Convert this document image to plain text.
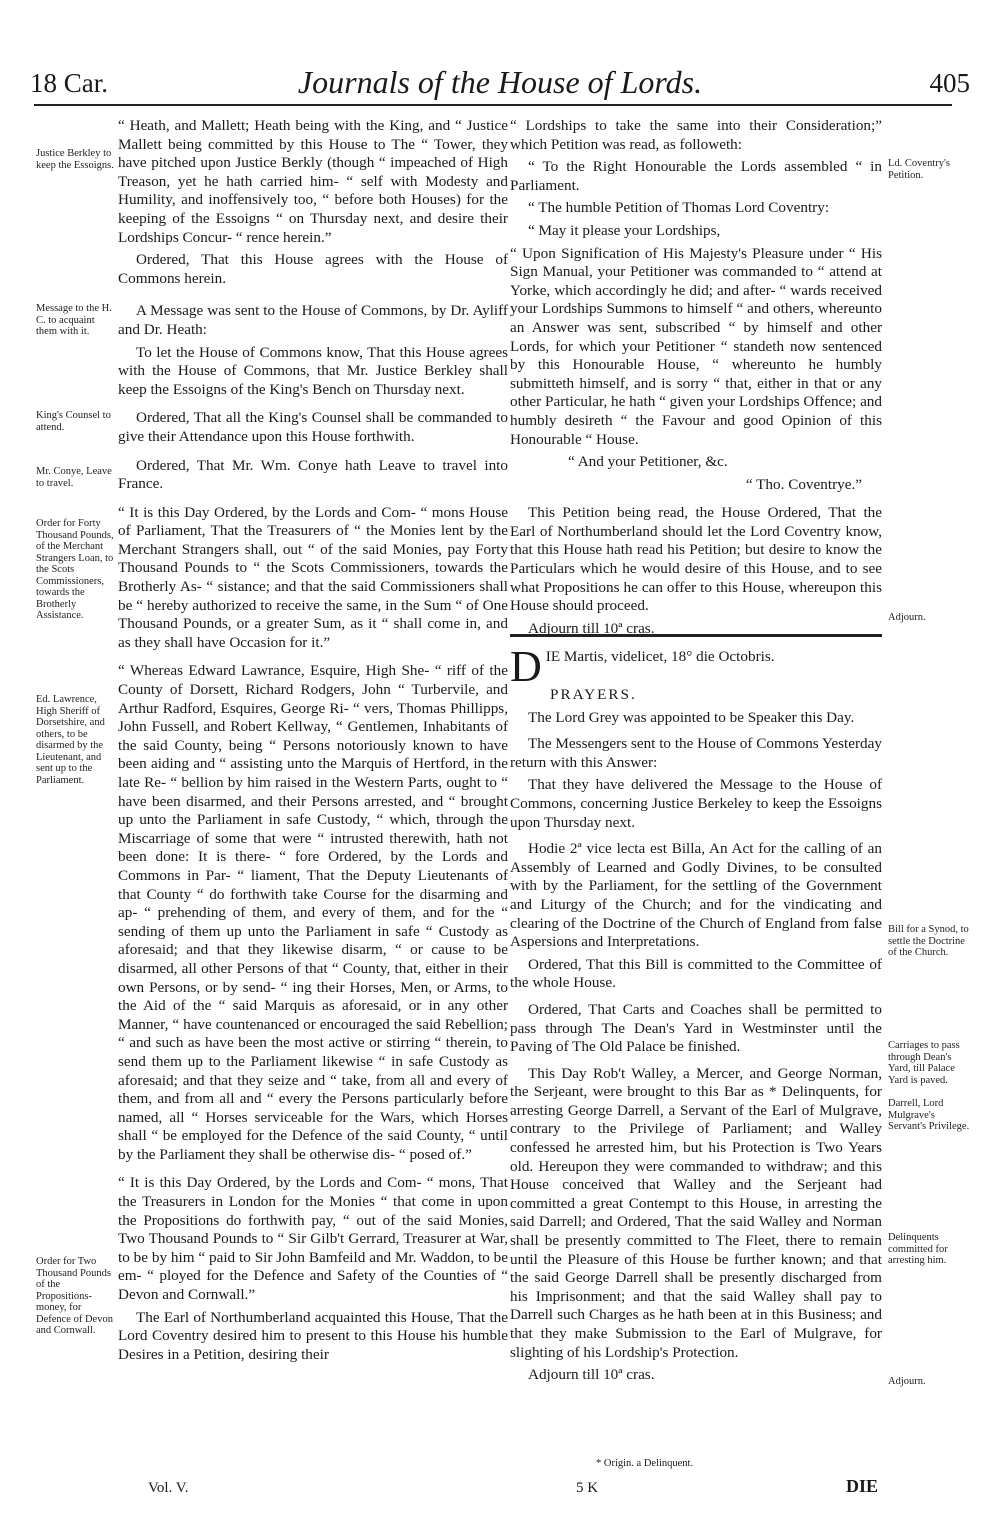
18 Car.	Journals of the House of Lords.	405
Justice Berkley to keep the Essoigns.
Message to the H. C. to acquaint them with it.
King's Counsel to attend.
Mr. Conye, Leave to travel.
Order for Forty Thousand Pounds, of the Merchant Strangers Loan, to the Scots Commissioners, towards the Brotherly Assistance.
Ed. Lawrence, High Sheriff of Dorsetshire, and others, to be disarmed by the Lieutenant, and sent up to the Parliament.
Order for Two Thousand Pounds of the Propositions-money, for Defence of Devon and Cornwall.
Ld. Coventry's Petition.
Adjourn.
Bill for a Synod, to settle the Doctrine of the Church.
Carriages to pass through Dean's Yard, till Palace Yard is paved.
Darrell, Lord Mulgrave's Servant's Privilege.
Delinquents committed for arresting him.
Adjourn.

“ Heath, and Mallett; Heath being with the King, and “ Justice Mallett being committed by this House to The “ Tower, they have pitched upon Justice Berkly (though “ impeached of High Treason, yet he hath carried him- “ self with Modesty and Humility, and inoffensively too, “ before both Houses) for the keeping of the Essoigns “ on Thursday next, and desire their Lordships Concur- “ rence herein.”

Ordered, That this House agrees with the House of Commons herein.

A Message was sent to the House of Commons, by Dr. Ayliff and Dr. Heath:

To let the House of Commons know, That this House agrees with the House of Commons, that Mr. Justice Berkley shall keep the Essoigns of the King's Bench on Thursday next.

Ordered, That all the King's Counsel shall be commanded to give their Attendance upon this House forthwith.

Ordered, That Mr. Wm. Conye hath Leave to travel into France.

“ It is this Day Ordered, by the Lords and Com- “ mons House of Parliament, That the Treasurers of “ the Monies lent by the Merchant Strangers shall, out “ of the said Monies, pay Forty Thousand Pounds to “ the Scots Commissioners, towards the Brotherly As- “ sistance; and that the said Commissioners shall be “ hereby authorized to receive the same, in the Sum “ of One Thousand Pounds, or a greater Sum, as it “ shall come in, and as they shall have Occasion for it.”

“ Whereas Edward Lawrance, Esquire, High She- “ riff of the County of Dorsett, Richard Rodgers, John “ Turbervile, and Arthur Radford, Esquires, George Ri- “ vers, Thomas Phillipps, John Fussell, and Robert Kellway, “ Gentlemen, Inhabitants of the said County, being “ Persons notoriously known to have been aiding and “ assisting unto the Marquis of Hertford, in the late Re- “ bellion by him raised in the Western Parts, ought to “ have been disarmed, and their Persons arrested, and “ brought up unto the Parliament in safe Custody, “ which, through the Miscarriage of some that were “ intrusted therewith, hath not been done: It is there- “ fore Ordered, by the Lords and Commons in Par- “ liament, That the Deputy Lieutenants of that County “ do forthwith take Course for the disarming and ap- “ prehending of them, and every of them, and for the “ sending of them up unto the Parliament in safe “ Custody as aforesaid; and that they likewise disarm, “ or cause to be disarmed, all other Persons of that “ County, that, either in their own Persons, or by send- “ ing their Horses, Men, or Arms, to the Aid of the “ said Marquis as aforesaid, or in any other Manner, “ have countenanced or encouraged the said Rebellion; “ and such as have been the most active or stirring “ therein, to send them up to the Parliament likewise “ in safe Custody as aforesaid; and that they seize and “ take, from all and every of them, and from all and “ every the Persons particularly before named, all “ Horses serviceable for the Wars, which Horses shall “ be employed for the Defence of the said County, “ until by the Parliament they shall be otherwise dis- “ posed of.”

“ It is this Day Ordered, by the Lords and Com- “ mons, That the Treasurers in London for the Monies “ that come in upon the Propositions do forthwith pay, “ out of the said Monies, Two Thousand Pounds to “ Sir Gilb't Gerrard, Treasurer at War, to be by him “ paid to Sir John Bamfeild and Mr. Waddon, to be em- “ ployed for the Defence and Safety of the Counties of “ Devon and Cornwall.”

The Earl of Northumberland acquainted this House, That the Lord Coventry desired him to present to this House his humble Desires in a Petition, desiring their

“ Lordships to take the same into their Consideration;” which Petition was read, as followeth:

“ To the Right Honourable the Lords assembled “ in Parliament.

“ The humble Petition of Thomas Lord Coventry:

“ May it please your Lordships,

“ Upon Signification of His Majesty's Pleasure under “ His Sign Manual, your Petitioner was commanded to “ attend at Yorke, which accordingly he did; and after- “ wards received your Lordships Summons to himself “ and others, whereunto an Answer was sent, subscribed “ by himself and other Lords, for which your Petitioner “ standeth now sentenced by this Honourable House, “ whereunto he humbly submitteth himself, and is sorry “ that, either in that or any other Particular, he hath “ given your Lordships Offence; and humbly desireth “ the Favour and good Opinion of this Honourable “ House.

“ And your Petitioner, &c.

“ Tho. Coventrye.”

This Petition being read, the House Ordered, That the Earl of Northumberland should let the Lord Coventry know, that this House hath read his Petition; but desire to know the Particulars which he would desire of this House, and to see what Propositions he can offer to this House, whereupon this House should proceed.

Adjourn till 10ª cras.

DIE Martis, videlicet, 18° die Octobris.

PRAYERS.

The Lord Grey was appointed to be Speaker this Day.

The Messengers sent to the House of Commons Yesterday return with this Answer:

That they have delivered the Message to the House of Commons, concerning Justice Berkeley to keep the Essoigns upon Thursday next.

Hodie 2ª vice lecta est Billa, An Act for the calling of an Assembly of Learned and Godly Divines, to be consulted with by the Parliament, for the settling of the Government and Liturgy of the Church; and for the vindicating and clearing of the Doctrine of the Church of England from false Aspersions and Interpretations.

Ordered, That this Bill is committed to the Committee of the whole House.

Ordered, That Carts and Coaches shall be permitted to pass through The Dean's Yard in Westminster until the Paving of The Old Palace be finished.

This Day Rob't Walley, a Mercer, and George Norman, the Serjeant, were brought to this Bar as * Delinquents, for arresting George Darrell, a Servant of the Earl of Mulgrave, contrary to the Privilege of Parliament; and Walley confessed he arrested him, but his Protection is Two Years old. Hereupon they were commanded to withdraw; and this House conceived that Walley and the Serjeant had committed a great Contempt to this House, in arresting the said Darrell; and Ordered, That the said Walley and Norman shall be presently committed to The Fleet, there to remain until the Pleasure of this House be further known; and that the said George Darrell shall be presently discharged from his Imprisonment; and that the said Walley shall pay to Darrell such Charges as he hath been at in this Business; and that they make Submission to the Earl of Mulgrave, for slighting of his Lordship's Protection.

Adjourn till 10ª cras.

* Origin. a Delinquent.
Vol. V.	5 K	DIE
